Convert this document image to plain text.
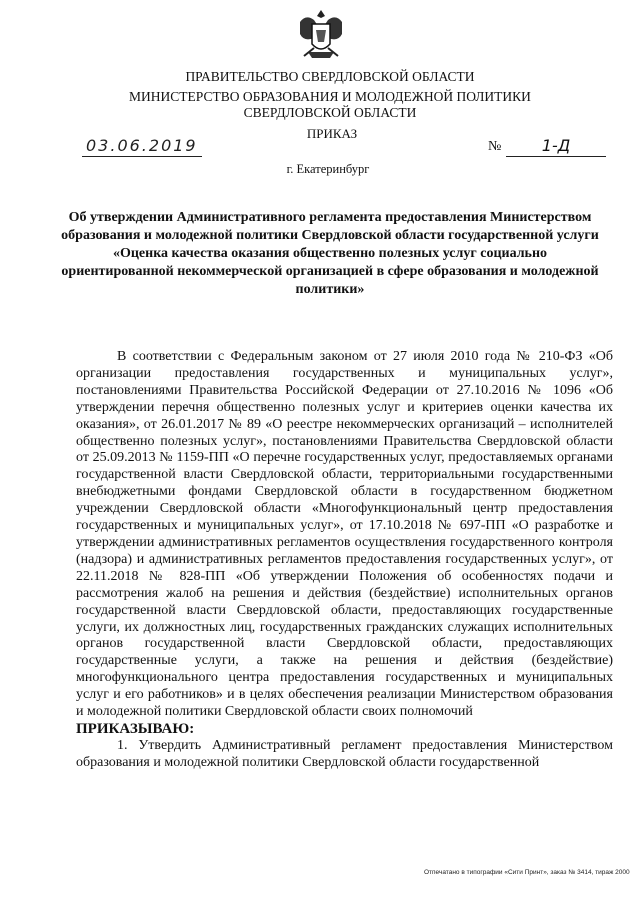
ПРАВИТЕЛЬСТВО СВЕРДЛОВСКОЙ ОБЛАСТИ
МИНИСТЕРСТВО ОБРАЗОВАНИЯ И МОЛОДЕЖНОЙ ПОЛИТИКИ
СВЕРДЛОВСКОЙ ОБЛАСТИ
ПРИКАЗ
03.06.2019	№	1-Д
г. Екатеринбург
Об утверждении Административного регламента предоставления Министерством образования и молодежной политики Свердловской области государственной услуги «Оценка качества оказания общественно полезных услуг социально ориентированной некоммерческой организацией в сфере образования и молодежной политики»

В соответствии с Федеральным законом от 27 июля 2010 года № 210-ФЗ «Об организации предоставления государственных и муниципальных услуг», постановлениями Правительства Российской Федерации от 27.10.2016 № 1096 «Об утверждении перечня общественно полезных услуг и критериев оценки качества их оказания», от 26.01.2017 № 89 «О реестре некоммерческих организаций – исполнителей общественно полезных услуг», постановлениями Правительства Свердловской области от 25.09.2013 № 1159-ПП «О перечне государственных услуг, предоставляемых органами государственной власти Свердловской области, территориальными государственными внебюджетными фондами Свердловской области в государственном бюджетном учреждении Свердловской области «Многофункциональный центр предоставления государственных и муниципальных услуг», от 17.10.2018 № 697-ПП «О разработке и утверждении административных регламентов осуществления государственного контроля (надзора) и административных регламентов предоставления государственных услуг», от 22.11.2018 № 828-ПП «Об утверждении Положения об особенностях подачи и рассмотрения жалоб на решения и действия (бездействие) исполнительных органов государственной власти Свердловской области, предоставляющих государственные услуги, их должностных лиц, государственных гражданских служащих исполнительных органов государственной власти Свердловской области, предоставляющих государственные услуги, а также на решения и действия (бездействие) многофункционального центра предоставления государственных и муниципальных услуг и его работников» и в целях обеспечения реализации Министерством образования и молодежной политики Свердловской области своих полномочий

ПРИКАЗЫВАЮ:

1. Утвердить Административный регламент предоставления Министерством образования и молодежной политики Свердловской области государственной

Отпечатано в типографии «Сити Принт», заказ № 3414, тираж 2000
